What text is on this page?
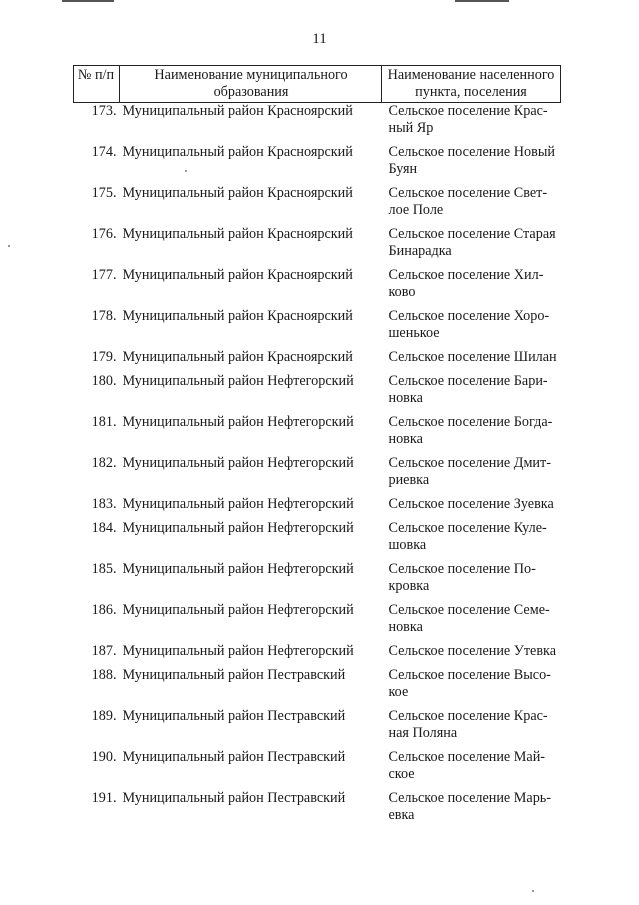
11
№ п/п	Наименование муниципального образования	Наименование населенного пункта, поселения
173.	Муниципальный район Красноярский	Сельское поселение Крас-
ный Яр

174.	Муниципальный район Красноярский	Сельское поселение Новый
Буян

175.	Муниципальный район Красноярский	Сельское поселение Свет-
лое Поле

176.	Муниципальный район Красноярский	Сельское поселение Старая
Бинарадка

177.	Муниципальный район Красноярский	Сельское поселение Хил-
ково

178.	Муниципальный район Красноярский	Сельское поселение Хоро-
шенькое

179.	Муниципальный район Красноярский	Сельское поселение Шилан

180.	Муниципальный район Нефтегорский	Сельское поселение Бари-
новка

181.	Муниципальный район Нефтегорский	Сельское поселение Богда-
новка

182.	Муниципальный район Нефтегорский	Сельское поселение Дмит-
риевка

183.	Муниципальный район Нефтегорский	Сельское поселение Зуевка

184.	Муниципальный район Нефтегорский	Сельское поселение Куле-
шовка

185.	Муниципальный район Нефтегорский	Сельское поселение По-
кровка

186.	Муниципальный район Нефтегорский	Сельское поселение Семе-
новка

187.	Муниципальный район Нефтегорский	Сельское поселение Утевка

188.	Муниципальный район Пестравский	Сельское поселение Высо-
кое

189.	Муниципальный район Пестравский	Сельское поселение Крас-
ная Поляна

190.	Муниципальный район Пестравский	Сельское поселение Май-
ское

191.	Муниципальный район Пестравский	Сельское поселение Марь-
евка
